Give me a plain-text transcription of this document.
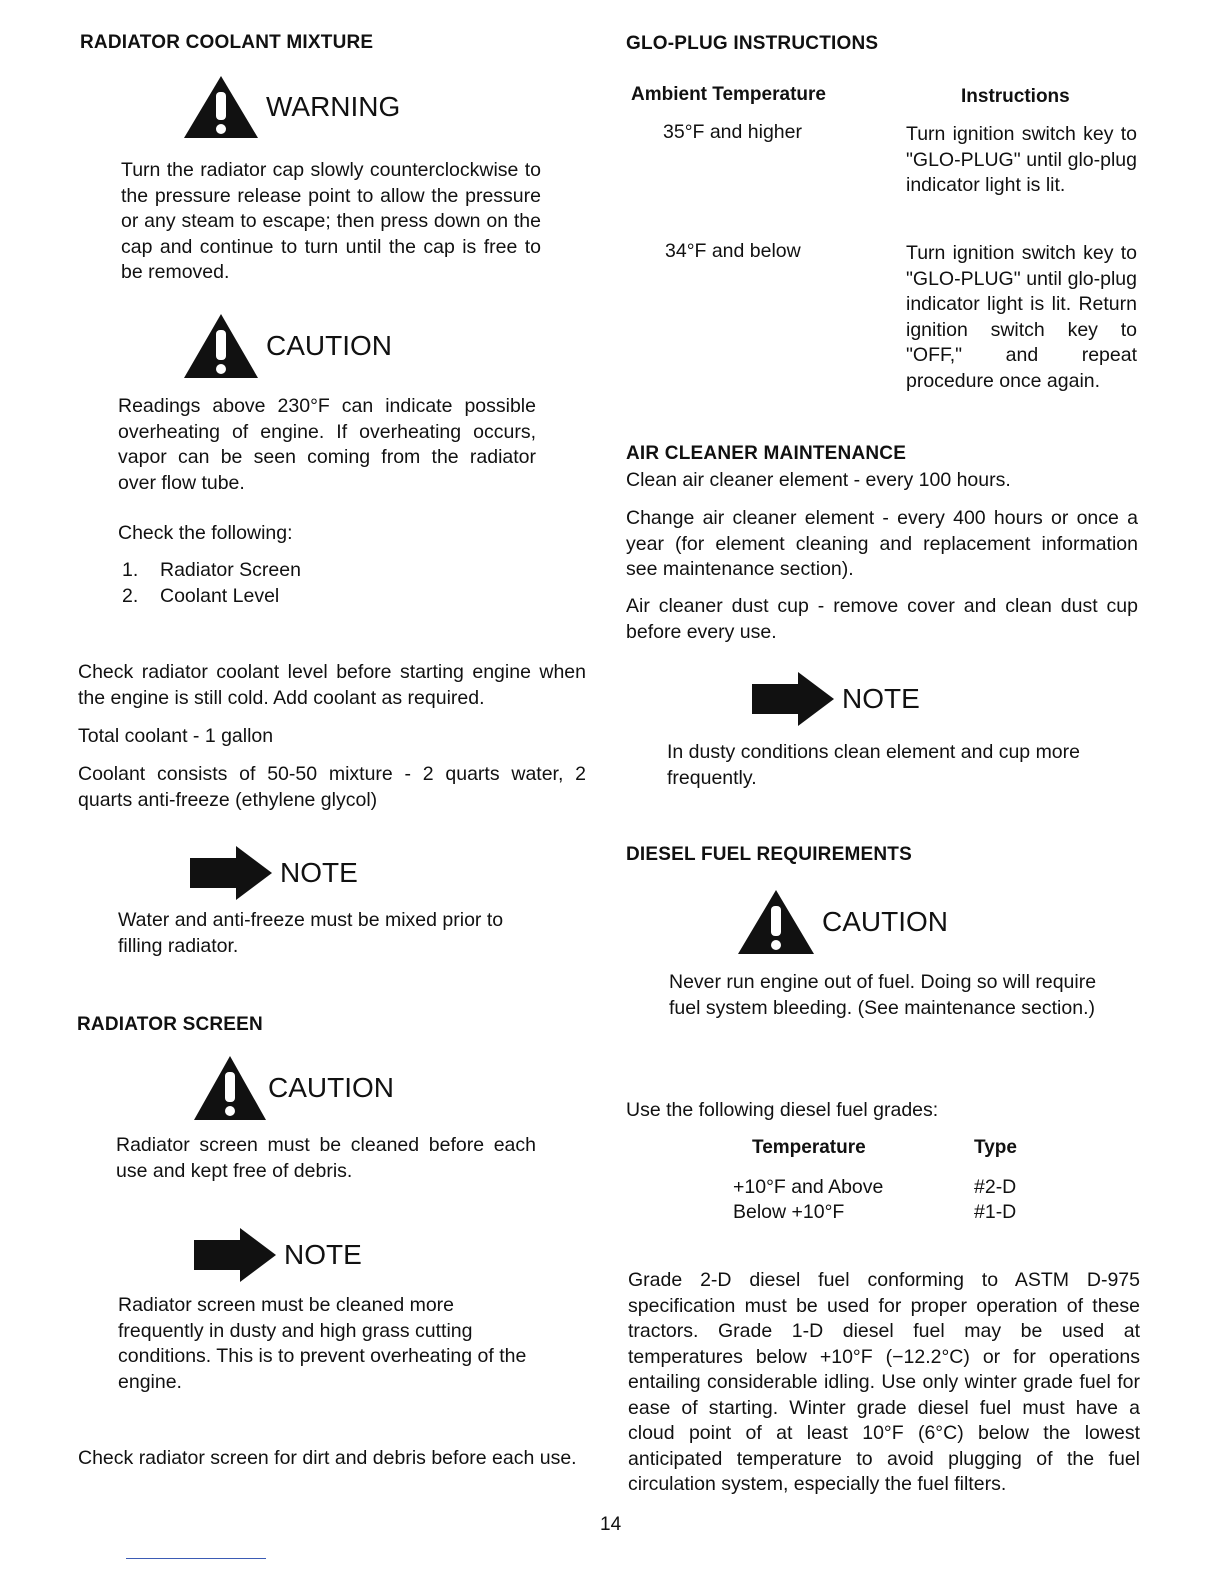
RADIATOR COOLANT MIXTURE
WARNING
Turn the radiator cap slowly counterclockwise to the pressure release point to allow the pressure or any steam to escape; then press down on the cap and continue to turn until the cap is free to be removed.
CAUTION
Readings above 230°F can indicate possible overheating of engine. If overheating occurs, vapor can be seen coming from the radiator over flow tube.
Check the following:
1.	Radiator Screen
2.	Coolant Level
Check radiator coolant level before starting engine when the engine is still cold. Add coolant as required.
Total coolant - 1 gallon
Coolant consists of 50-50 mixture - 2 quarts water, 2 quarts anti-freeze (ethylene glycol)
NOTE
Water and anti-freeze must be mixed prior to filling radiator.
RADIATOR SCREEN
CAUTION
Radiator screen must be cleaned before each use and kept free of debris.
NOTE
Radiator screen must be cleaned more frequently in dusty and high grass cutting conditions. This is to prevent overheating of the engine.
Check radiator screen for dirt and debris before each use.
GLO-PLUG INSTRUCTIONS
Ambient Temperature	Instructions
35°F and higher	Turn ignition switch key to "GLO-PLUG" until glo-plug indicator light is lit.
34°F and below	Turn ignition switch key to "GLO-PLUG" until glo-plug indicator light is lit. Return ignition switch key to "OFF," and repeat procedure once again.
AIR CLEANER MAINTENANCE
Clean air cleaner element - every 100 hours.
Change air cleaner element - every 400 hours or once a year (for element cleaning and replacement information see maintenance section).
Air cleaner dust cup - remove cover and clean dust cup before every use.
NOTE
In dusty conditions clean element and cup more frequently.
DIESEL FUEL REQUIREMENTS
CAUTION
Never run engine out of fuel. Doing so will require fuel system bleeding. (See maintenance section.)
Use the following diesel fuel grades:
Temperature	Type
+10°F and Above	#2-D
Below +10°F	#1-D
Grade 2-D diesel fuel conforming to ASTM D-975 specification must be used for proper operation of these tractors. Grade 1-D diesel fuel may be used at temperatures below +10°F (−12.2°C) or for operations entailing considerable idling. Use only winter grade fuel for ease of starting. Winter grade diesel fuel must have a cloud point of at least 10°F (6°C) below the lowest anticipated temperature to avoid plugging of the fuel circulation system, especially the fuel filters.
14
